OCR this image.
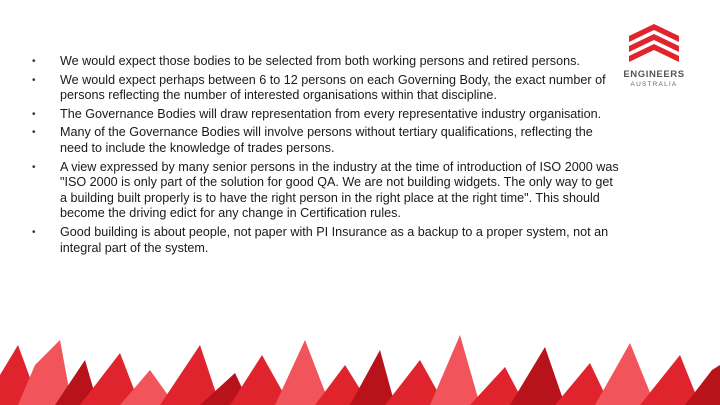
• We would expect those bodies to be selected from both working persons and retired persons.
• We would expect perhaps between 6 to 12 persons on each Governing Body, the exact number of persons reflecting the number of interested organisations within that discipline.
• The Governance Bodies will draw representation from every representative industry organisation.
• Many of the Governance Bodies will involve persons without tertiary qualifications, reflecting the need to include the knowledge of trades persons.
• A view expressed by many senior persons in the industry at the time of introduction of ISO 2000 was "ISO 2000 is only part of the solution for good QA. We are not building widgets. The only way to get a building built properly is to have the right person in the right place at the right time". This should become the driving edict for any change in Certification rules.
• Good building is about people, not paper with PI Insurance as a backup to a proper system, not an integral part of the system.
ENGINEERS
AUSTRALIA
